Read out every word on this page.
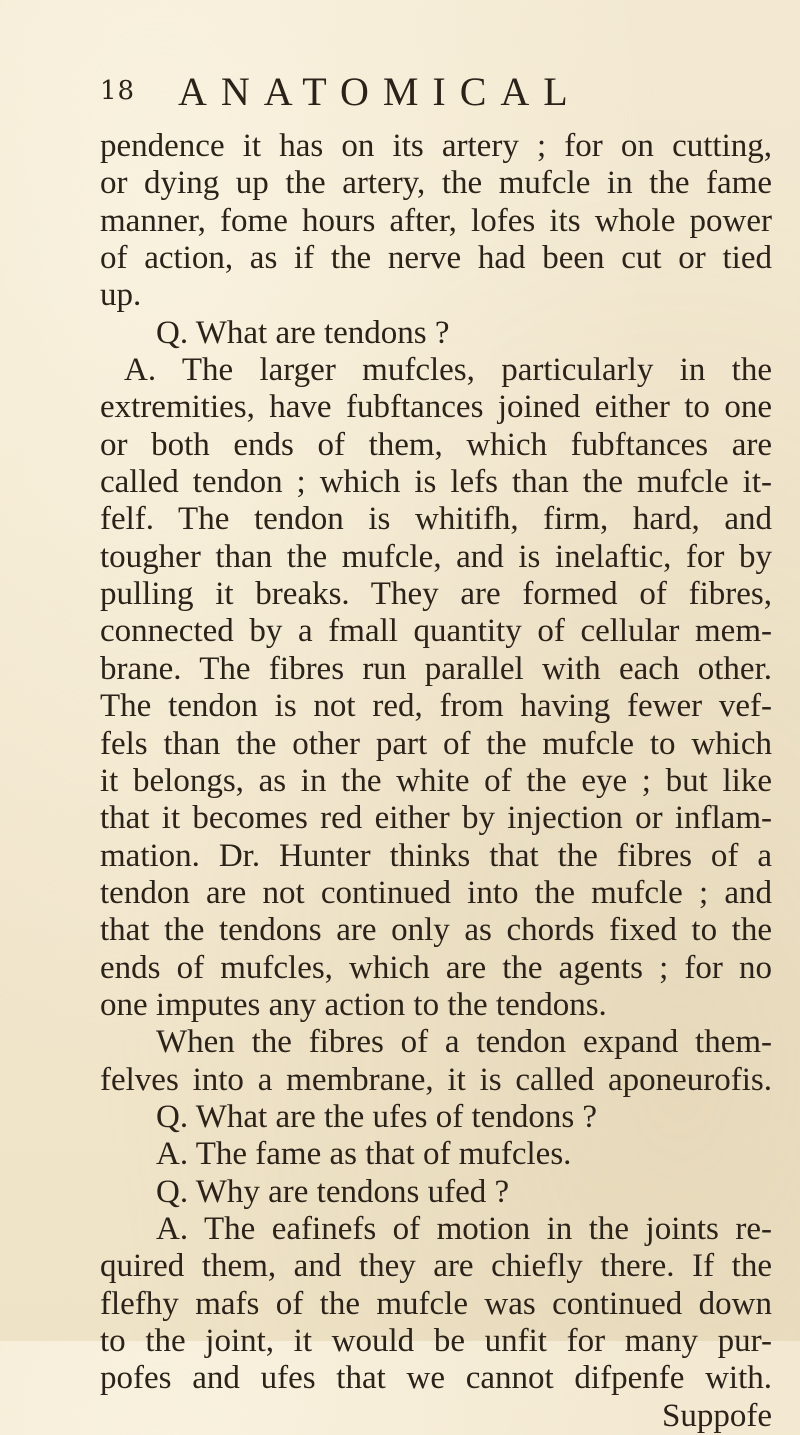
18 ANATOMICAL
pendence it has on its artery ; for on cutting,
or dying up the artery, the mufcle in the fame
manner, fome hours after, lofes its whole power
of action, as if the nerve had been cut or tied
up.
Q. What are tendons ?
A. The larger mufcles, particularly in the
extremities, have fubftances joined either to one
or both ends of them, which fubftances are
called tendon ; which is lefs than the mufcle it-
felf. The tendon is whitifh, firm, hard, and
tougher than the mufcle, and is inelaftic, for by
pulling it breaks. They are formed of fibres,
connected by a fmall quantity of cellular mem-
brane. The fibres run parallel with each other.
The tendon is not red, from having fewer vef-
fels than the other part of the mufcle to which
it belongs, as in the white of the eye ; but like
that it becomes red either by injection or inflam-
mation. Dr. Hunter thinks that the fibres of a
tendon are not continued into the mufcle ; and
that the tendons are only as chords fixed to the
ends of mufcles, which are the agents ; for no
one imputes any action to the tendons.
When the fibres of a tendon expand them-
felves into a membrane, it is called aponeurofis.
Q. What are the ufes of tendons ?
A. The fame as that of mufcles.
Q. Why are tendons ufed ?
A. The eafinefs of motion in the joints re-
quired them, and they are chiefly there. If the
flefhy mafs of the mufcle was continued down
to the joint, it would be unfit for many pur-
pofes and ufes that we cannot difpenfe with.
Suppofe
